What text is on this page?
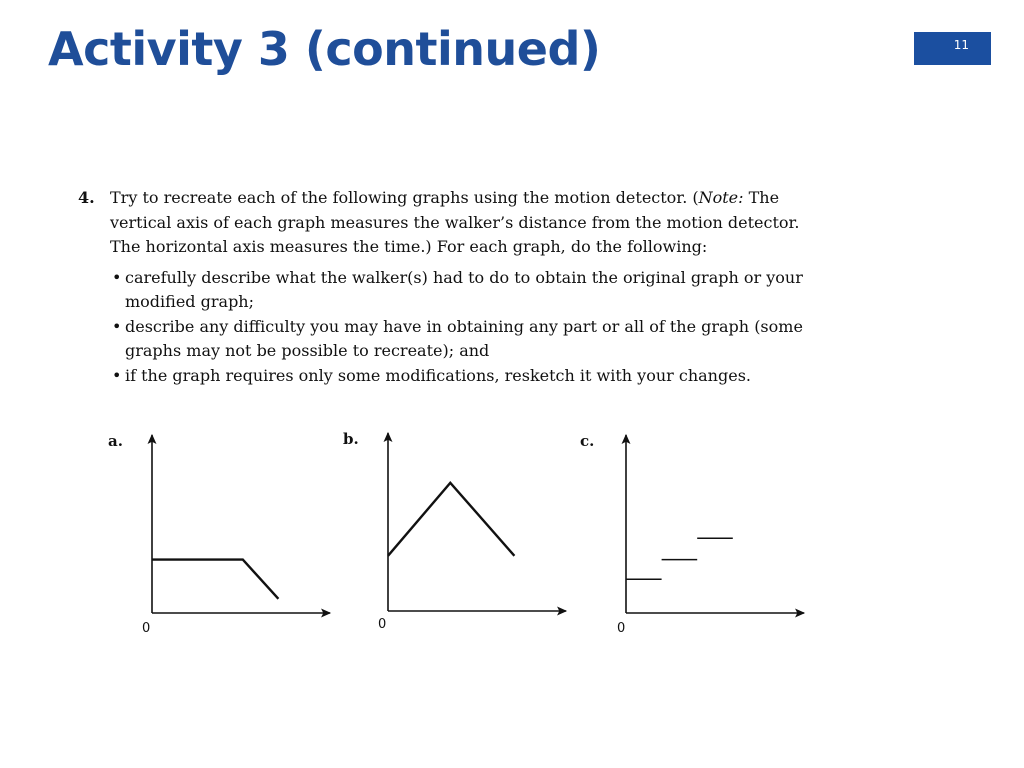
Activity 3 (continued)	11
4. Try to recreate each of the following graphs using the motion detector. (Note: The vertical axis of each graph measures the walker’s distance from the motion detector. The horizontal axis measures the time.) For each graph, do the following:
• carefully describe what the walker(s) had to do to obtain the original graph or your modified graph;
• describe any difficulty you may have in obtaining any part or all of the graph (some graphs may not be possible to recreate); and
• if the graph requires only some modifications, resketch it with your changes.
a.
0
b.
0
c.
0
